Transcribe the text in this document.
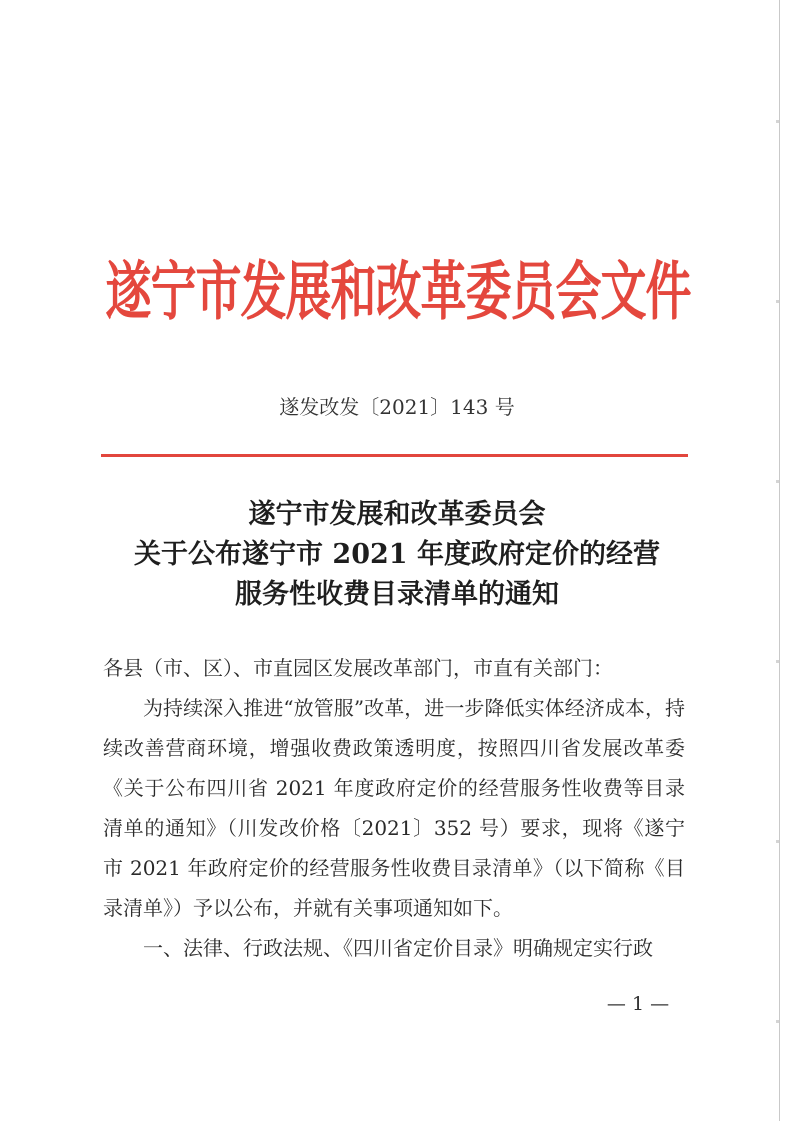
遂宁市发展和改革委员会文件
遂发改发〔2021〕143 号
遂宁市发展和改革委员会
关于公布遂宁市 2021 年度政府定价的经营
服务性收费目录清单的通知

各县（市、区）、市直园区发展改革部门，市直有关部门：

为持续深入推进“放管服”改革，进一步降低实体经济成本，持续改善营商环境，增强收费政策透明度，按照四川省发展改革委《关于公布四川省 2021 年度政府定价的经营服务性收费等目录清单的通知》（川发改价格〔2021〕352 号）要求，现将《遂宁市 2021 年政府定价的经营服务性收费目录清单》（以下简称《目录清单》）予以公布，并就有关事项通知如下。

一、法律、行政法规、《四川省定价目录》明确规定实行政

— 1 —
